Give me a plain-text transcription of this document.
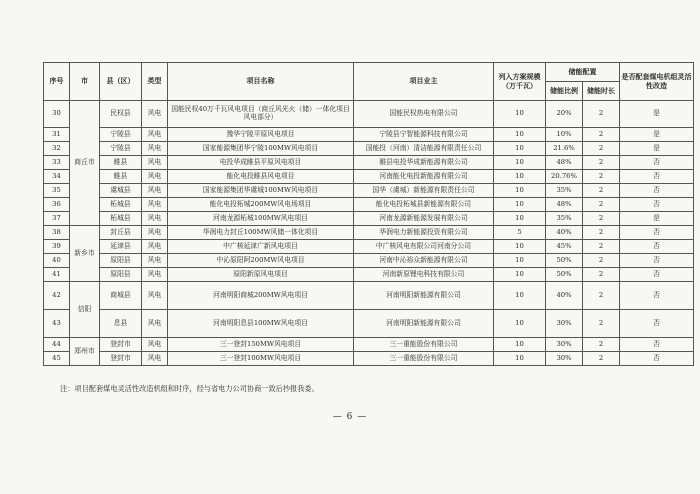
序号	市	县（区）	类型	项目名称	项目业主	列入方案规模（万千瓦）	储能配置		是否配套煤电机组灵活性改造
							储能比例	储能时长	
30	商丘市	民权县	风电	国能民权40万千瓦风电项目（商丘风光火（储）一体化项目风电部分）	国能民权热电有限公司	10	20%	2	是
31		宁陵县	风电	豫华宁陵平原风电项目	宁陵县宁智能源科技有限公司	10	10%	2	是
32		宁陵县	风电	国家能源集团华宁陵100MW风电项目	国能投（河南）清洁能源有限责任公司	10	21.6%	2	是
33		睢县	风电	电投华成睢县平原风电项目	睢县电投华成新能源有限公司	10	48%	2	否
34		睢县	风电	能化电投睢县风电项目	河南能化电投新能源有限公司	10	20.76%	2	否
35		虞城县	风电	国家能源集团华虞城100MW风电项目	国华（虞城）新能源有限责任公司	10	35%	2	否
36		柘城县	风电	能化电投柘城200MW风电场项目	能化电投柘城县新能源有限公司	10	48%	2	否
37		柘城县	风电	河南龙源柘城100MW风电项目	河南龙源新能源发展有限公司	10	35%	2	是
38	新乡市	封丘县	风电	华润电力封丘100MW风储一体化项目	华润电力新能源投资有限公司	5	40%	2	否
39		延津县	风电	中广核延津广新风电项目	中广核风电有限公司河南分公司	10	45%	2	否
40		原阳县	风电	中沁原阳阿200MW风电项目	河南中沁裕众新能源有限公司	10	50%	2	否
41		原阳县	风电	原阳新原风电项目	河南新原锂电科技有限公司	10	50%	2	否
42	信阳	商城县	风电	河南明阳商城200MW风电项目	河南明阳新能源有限公司	10	40%	2	否
43		息县	风电	河南明阳息县100MW风电项目	河南明阳新能源有限公司	10	30%	2	否
44	郑州市	登封市	风电	三一登封150MW风电项目	三一重能股份有限公司	10	30%	2	否
45		登封市	风电	三一登封100MW风电项目	三一重能股份有限公司	10	30%	2	否
注：项目配套煤电灵活性改造机组和时序，经与省电力公司协商一致后抄报我委。
— 6 —
